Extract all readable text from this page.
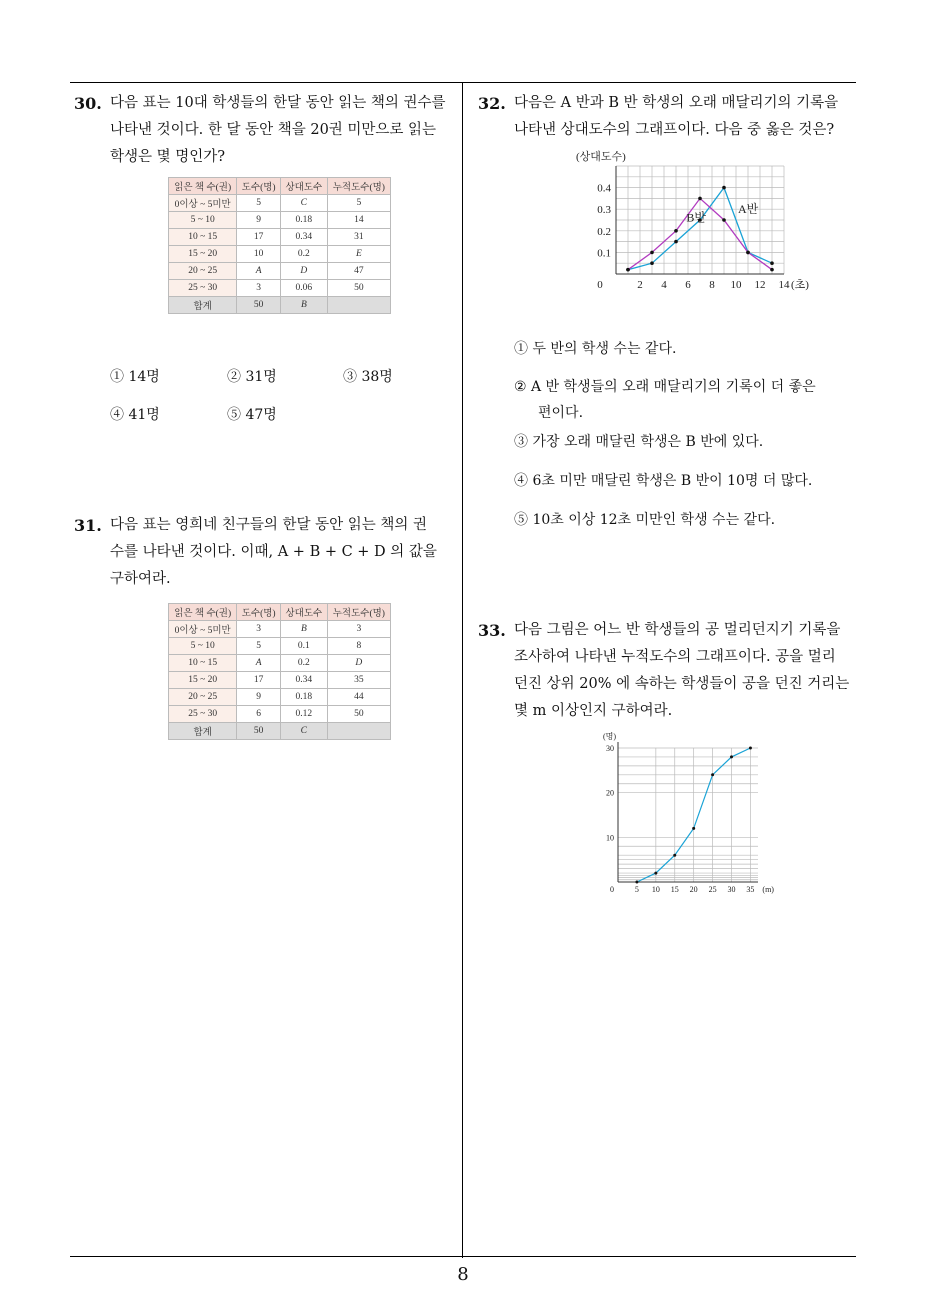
30. 다음 표는 10대 학생들의 한달 동안 읽는 책의 권수를
나타낸 것이다. 한 달 동안 책을 20권 미만으로 읽는
학생은 몇 명인가?
읽은 책 수(권)	도수(명)	상대도수	누적도수(명)
0이상 ~ 5미만	5	C	5
5 ~ 10	9	0.18	14
10 ~ 15	17	0.34	31
15 ~ 20	10	0.2	E
20 ~ 25	A	D	47
25 ~ 30	3	0.06	50
합계	50	B	
① 14명	② 31명	③ 38명
④ 41명	⑤ 47명
31. 다음 표는 영희네 친구들의 한달 동안 읽는 책의 권
수를 나타낸 것이다. 이때, A + B + C + D 의 값을
구하여라.
읽은 책 수(권)	도수(명)	상대도수	누적도수(명)
0이상 ~ 5미만	3	B	3
5 ~ 10	5	0.1	8
10 ~ 15	A	0.2	D
15 ~ 20	17	0.34	35
20 ~ 25	9	0.18	44
25 ~ 30	6	0.12	50
합계	50	C	
32. 다음은 A 반과 B 반 학생의 오래 매달리기의 기록을
나타낸 상대도수의 그래프이다. 다음 중 옳은 것은?
(상대도수)
0.1
0.2
0.3
0.4
0	2 4 6 8 10 12 14 (초)
A반
B반
① 두 반의 학생 수는 같다.
② A 반 학생들의 오래 매달리기의 기록이 더 좋은
편이다.
③ 가장 오래 매달린 학생은 B 반에 있다.
④ 6초 미만 매달린 학생은 B 반이 10명 더 많다.
⑤ 10초 이상 12초 미만인 학생 수는 같다.
33. 다음 그림은 어느 반 학생들의 공 멀리던지기 기록을
조사하여 나타낸 누적도수의 그래프이다. 공을 멀리
던진 상위 20% 에 속하는 학생들이 공을 던진 거리는
몇 m 이상인지 구하여라.
(명)
10
20
30
0	5 10 15 20 25 30 35 (m)
8
